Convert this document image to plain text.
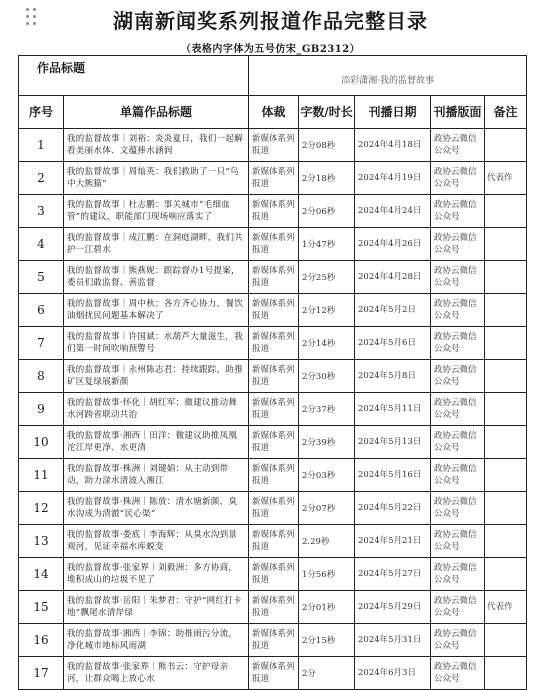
湖南新闻奖系列报道作品完整目录
（表格内字体为五号仿宋_GB2312）
作品标题		添彩潇湘·我的监督故事				
序号	单篇作品标题	体裁	字数/时长	刊播日期	刊播版面	备注
1	我的监督故事｜刘裕：炎炎夏日，我们一起解看美丽水体、文蕴捧水涵润	新媒体系列报道	2分08秒	2024年4月18日	政协云微信公众号	
2	我的监督故事｜周灿英：我们救助了一只“鸟中大熊猫”	新媒体系列报道	2分18秒	2024年4月19日	政协云微信公众号	代表作
3	我的监督故事｜杜志鹏：事关城市“毛细血管”的建议，职能部门现场响应落实了	新媒体系列报道	2分06秒	2024年4月24日	政协云微信公众号	
4	我的监督故事｜成江鹏：在洞庭湖畔，我们共护一江碧水	新媒体系列报道	1分47秒	2024年4月26日	政协云微信公众号	
5	我的监督故事｜熊燕妮：跟踪督办1号提案，委员们敢监督、善监督	新媒体系列报道	2分25秒	2024年4月28日	政协云微信公众号	
6	我的监督故事｜周中秋：各方齐心协力，餐饮油烟扰民问题基本解决了	新媒体系列报道	2分12秒	2024年5月2日	政协云微信公众号	
7	我的监督故事｜许国斌：水葫芦大量滋生，我们第一时间吹响预警号	新媒体系列报道	2分14秒	2024年5月6日	政协云微信公众号	
8	我的监督故事｜永州陈志君：持续跟踪，助推矿区复绿展新颜	新媒体系列报道	2分30秒	2024年5月8日	政协云微信公众号	
9	我的监督故事·怀化｜胡红军：微建议推动舞水河跨省联动共治	新媒体系列报道	2分37秒	2024年5月11日	政协云微信公众号	
10	我的监督故事·湘西｜田洋：微建议助推凤凰沱江岸更净、水更清	新媒体系列报道	2分39秒	2024年5月13日	政协云微信公众号	
11	我的监督故事·株洲｜刘键娟：从主动到带动，助力渌水清波入湘江	新媒体系列报道	2分03秒	2024年5月16日	政协云微信公众号	
12	我的监督故事·株洲｜陈放：清水塘新颜，臭水沟成为清澈“民心渠”	新媒体系列报道	2分07秒	2024年5月22日	政协云微信公众号	
13	我的监督故事·娄底｜李海辉：从臭水沟到景观河，见证幸福水库蜕变	新媒体系列报道	2.29秒	2024年5月21日	政协云微信公众号	
14	我的监督故事·张家界｜刘毅洲：多方协商，堆积成山的垃圾不见了	新媒体系列报道	1分56秒	2024年5月27日	政协云微信公众号	
15	我的监督故事·岳阳｜朱梦君：守护“网红打卡地”飘尾水清岸绿	新媒体系列报道	2分01秒	2024年5月29日	政协云微信公众号	代表作
16	我的监督故事·湘西｜李锦：助推雨污分流，净化城市地标风雨湖	新媒体系列报道	2分15秒	2024年5月31日	政协云微信公众号	
17	我的监督故事·张家界｜熊书云：守护母亲河，让群众喝上放心水	新媒体系列报道	2分	2024年6月3日	政协云微信公众号	
